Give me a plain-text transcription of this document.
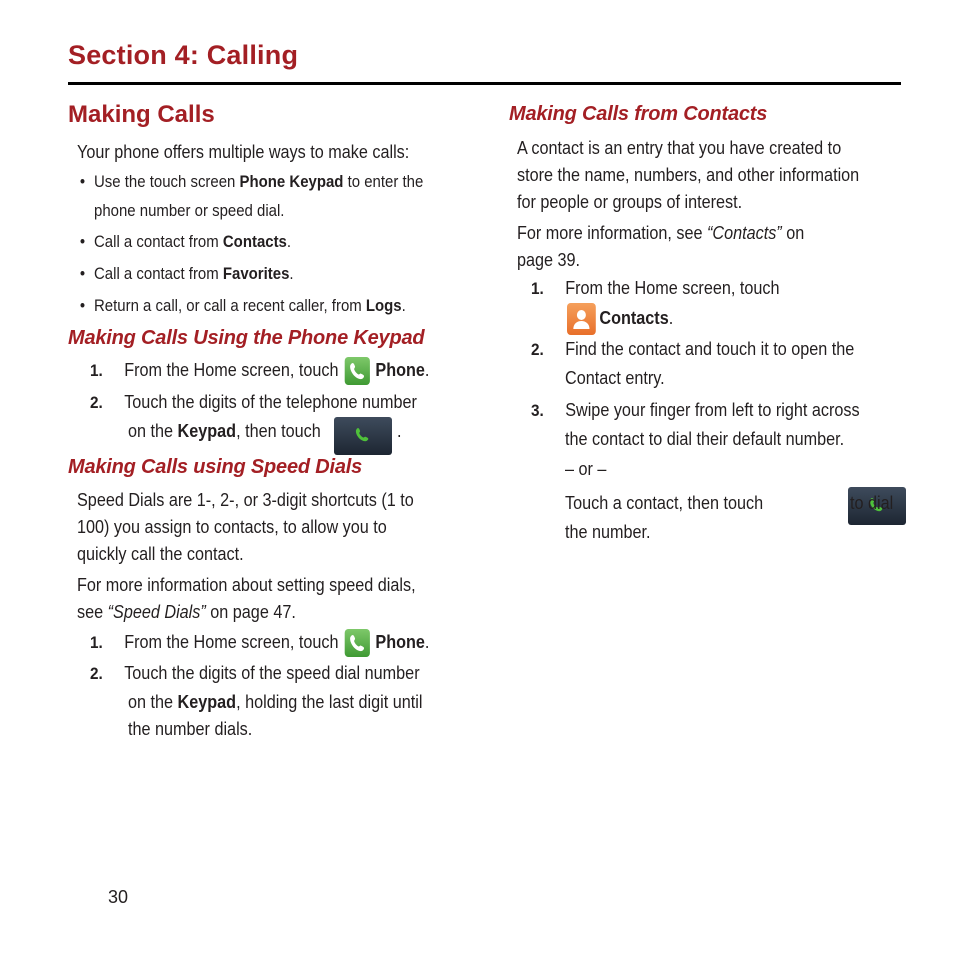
Section 4: Calling
Making Calls
Your phone offers multiple ways to make calls:
• Use the touch screen Phone Keypad to enter the
phone number or speed dial.
• Call a contact from Contacts.
• Call a contact from Favorites.
• Return a call, or call a recent caller, from Logs.
Making Calls Using the Phone Keypad
1. From the Home screen, touch Phone.
2. Touch the digits of the telephone number
on the Keypad, then touch
	.
Making Calls using Speed Dials
Speed Dials are 1-, 2-, or 3-digit shortcuts (1 to
100) you assign to contacts, to allow you to
quickly call the contact.
For more information about setting speed dials,
see “Speed Dials” on page 47.
1. From the Home screen, touch Phone.
2. Touch the digits of the speed dial number
on the Keypad, holding the last digit until
the number dials.
Making Calls from Contacts
A contact is an entry that you have created to
store the name, numbers, and other information
for people or groups of interest.
For more information, see “Contacts” on
page 39.
1. From the Home screen, touch
Contacts.
2. Find the contact and touch it to open the
Contact entry.
3. Swipe your finger from left to right across
the contact to dial their default number.
– or –
Touch a contact, then touch	to dial
the number.
30
